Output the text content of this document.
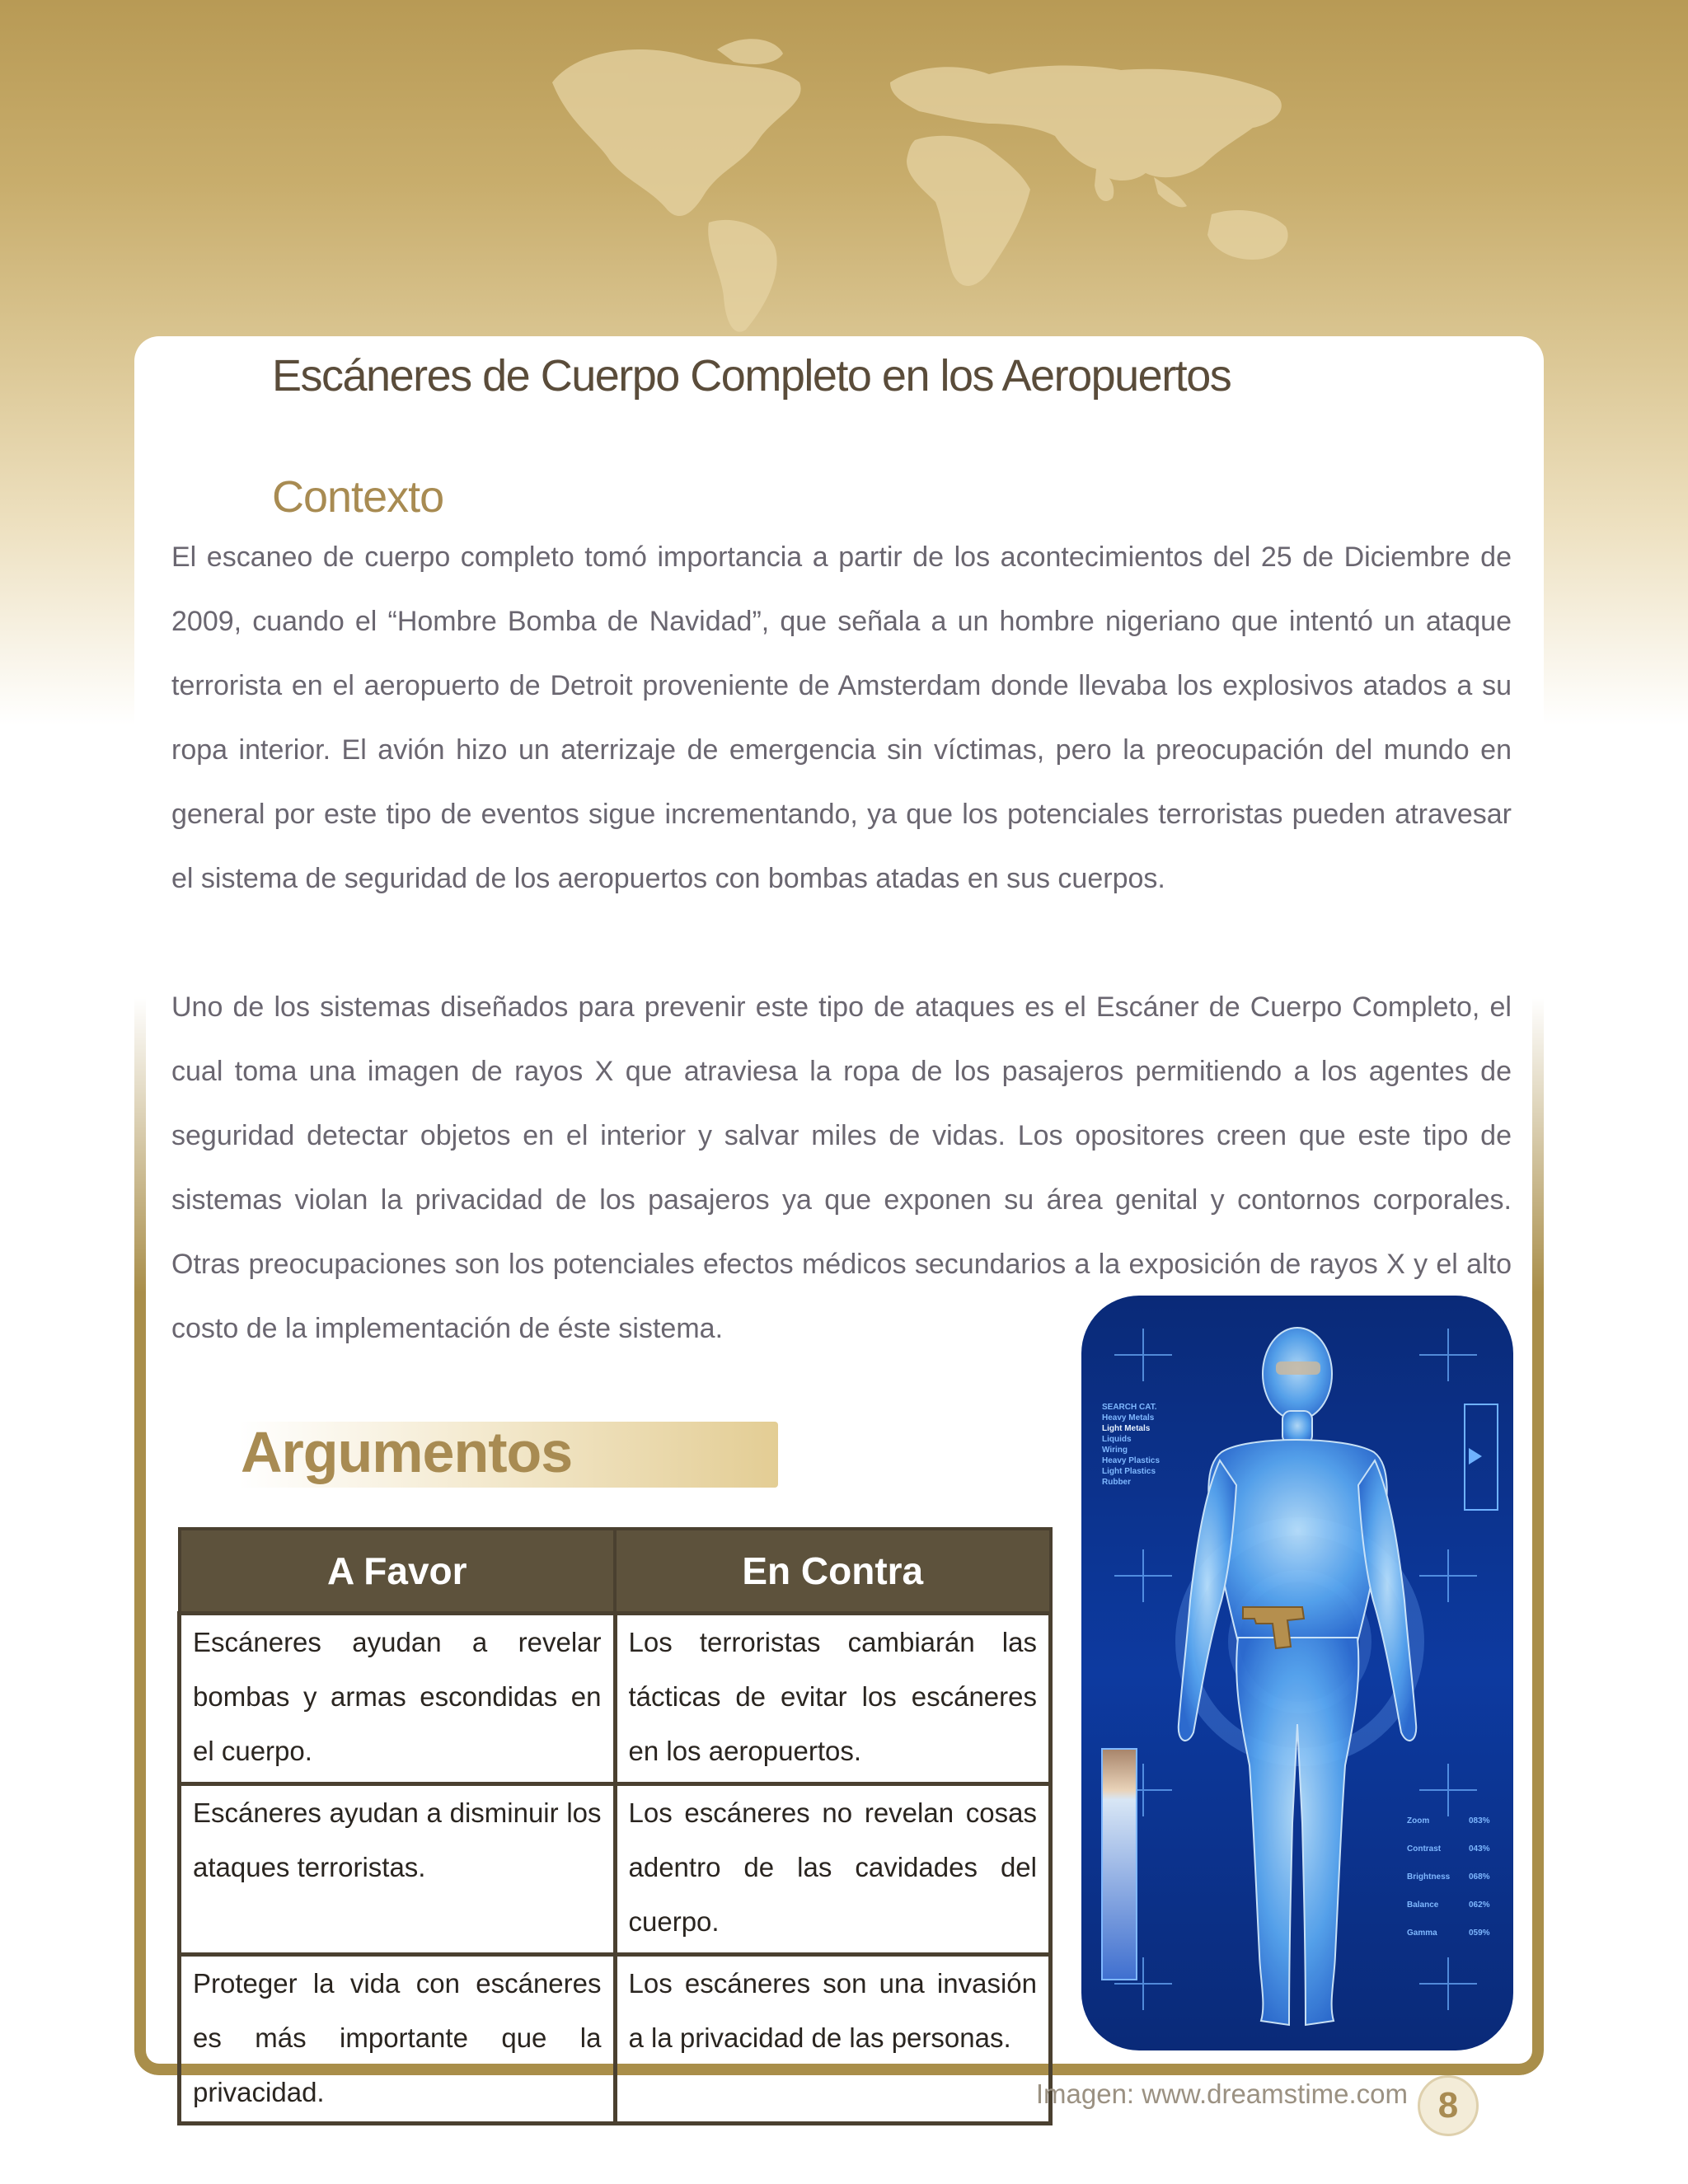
Escáneres de Cuerpo Completo en los Aeropuertos
Contexto
El escaneo de cuerpo completo tomó importancia a partir de los acontecimientos del 25 de Diciembre de 2009, cuando el “Hombre Bomba de Navidad”, que señala a un hombre nigeriano que intentó un ataque terrorista en el aeropuerto de Detroit proveniente de Amsterdam donde llevaba los explosivos atados a su ropa interior. El avión hizo un aterrizaje de emergencia sin víctimas, pero la preocupación del mundo en general por este tipo de eventos sigue incrementando, ya que los potenciales terroristas pueden atravesar el sistema de seguridad de los aeropuertos con bombas atadas en sus cuerpos.
Uno de los sistemas diseñados para prevenir este tipo de ataques es el Escáner de Cuerpo Completo, el cual toma una imagen de rayos X que atraviesa la ropa de los pasajeros permitiendo a los agentes de seguridad detectar objetos en el interior y salvar miles de vidas. Los opositores creen que este tipo de sistemas violan la privacidad de los pasajeros ya que exponen su área genital y contornos corporales. Otras preocupaciones son los potenciales efectos médicos secundarios a la exposición de rayos X y el alto costo de la implementación de éste sistema.
Argumentos
A Favor	En Contra
Escáneres ayudan a revelar bombas y armas escondidas en el cuerpo.	Los terroristas cambiarán las tácticas de evitar los escáneres en los aeropuertos.
Escáneres ayudan a disminuir los ataques terroristas.	Los escáneres no revelan cosas adentro de las cavidades del cuerpo.
Proteger la vida con escáneres es más importante que la privacidad.	Los escáneres son una invasión a la privacidad de las personas.
SEARCH CAT.
Heavy Metals
Light Metals
Liquids
Wiring
Heavy Plastics
Light Plastics
Rubber
Zoom	083%
Contrast	043%
Brightness 068%
Balance	062%
Gamma	059%
Imagen: www.dreamstime.com 8
